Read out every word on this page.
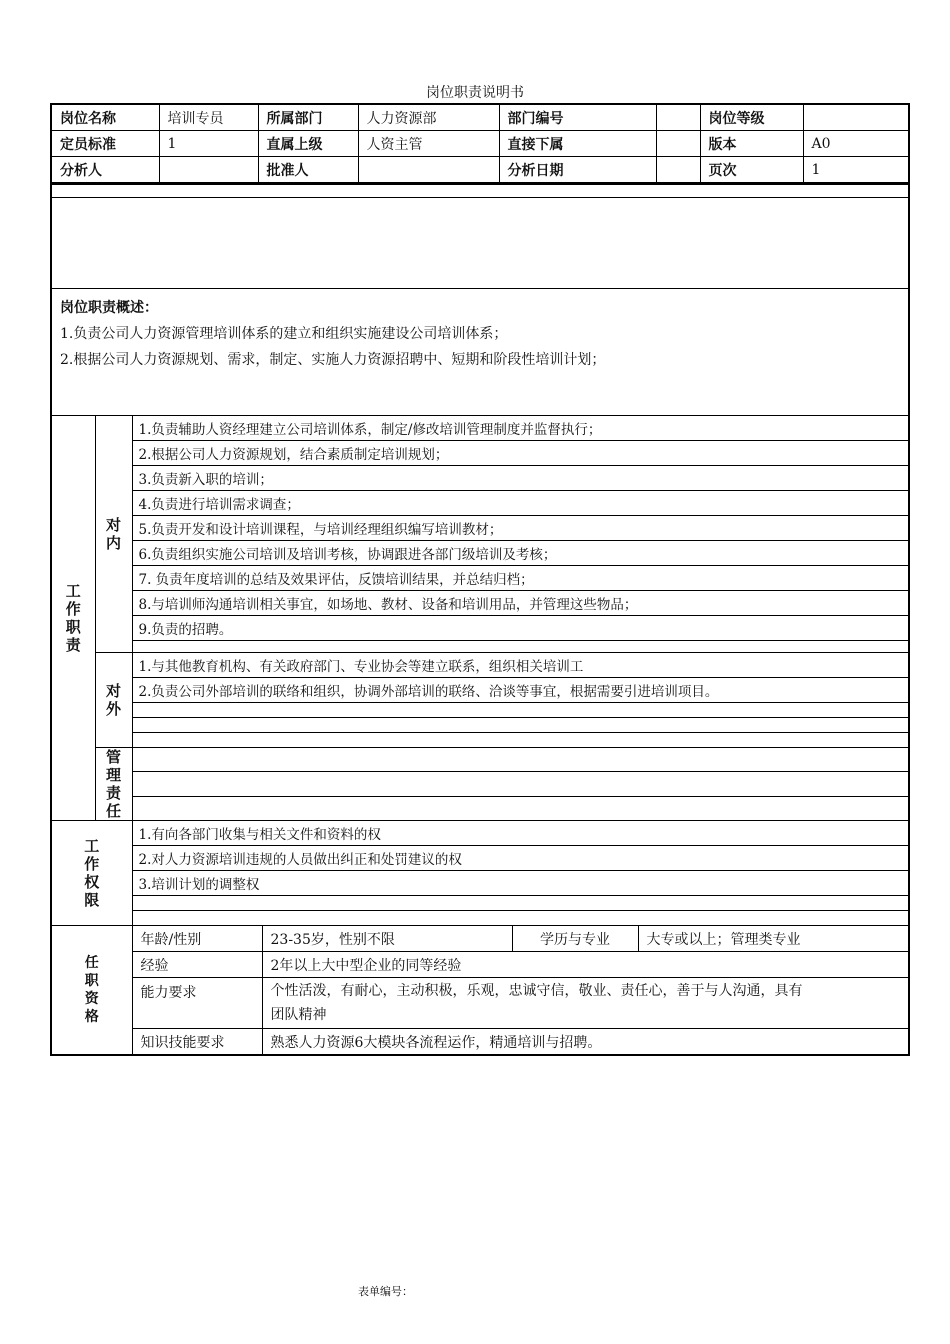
岗位职责说明书
岗位名称	培训专员	所属部门	人力资源部	部门编号		岗位等级	
定员标准	1	直属上级	人资主管	直接下属		版本	A0
分析人		批准人		分析日期		页次	1

岗位职责概述：
1.负责公司人力资源管理培训体系的建立和组织实施建设公司培训体系；
2.根据公司人力资源规划、需求，制定、实施人力资源招聘中、短期和阶段性培训计划；					

工作职责	对内	1.负责辅助人资经理建立公司培训体系，制定/修改培训管理制度并监督执行；			
		2.根据公司人力资源规划，结合素质制定培训规划；			
		3.负责新入职的培训；			
		4.负责进行培训需求调查；			
		5.负责开发和设计培训课程，与培训经理组织编写培训教材；			
		6.负责组织实施公司培训及培训考核，协调跟进各部门级培训及考核；			
		7. 负责年度培训的总结及效果评估，反馈培训结果，并总结归档；			
		8.与培训师沟通培训相关事宜，如场地、教材、设备和培训用品，并管理这些物品；			
		9.负责的招聘。			

	对外	1.与其他教育机构、有关政府部门、专业协会等建立联系，组织相关培训工			
		2.负责公司外部培训的联络和组织，协调外部培训的联络、洽谈等事宜，根据需要引进培训项目。			

	管理责任				

工作权限		1.有向各部门收集与相关文件和资料的权			
		2.对人力资源培训违规的人员做出纠正和处罚建议的权			
		3.培训计划的调整权			

任职资格		年龄/性别	23-35岁，性别不限	学历与专业	大专或以上；管理类专业
		经验	2年以上大中型企业的同等经验		
		能力要求	个性活泼，有耐心，主动积极，乐观，忠诚守信，敬业、责任心，善于与人沟通，具有团队精神		
		知识技能要求	熟悉人力资源6大模块各流程运作，精通培训与招聘。		
表单编号：
